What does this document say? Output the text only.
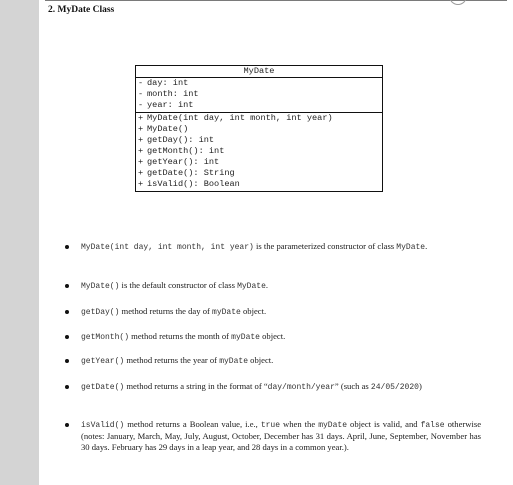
2. MyDate Class
MyDate
- day: int
- month: int
- year: int
+ MyDate(int day, int month, int year)
+ MyDate()
+ getDay(): int
+ getMonth(): int
+ getYear(): int
+ getDate(): String
+ isValid(): Boolean
MyDate(int day, int month, int year) is the parameterized constructor of class MyDate.
MyDate() is the default constructor of class MyDate.
getDay() method returns the day of myDate object.
getMonth() method returns the month of myDate object.
getYear() method returns the year of myDate object.
getDate() method returns a string in the format of “day/month/year” (such as 24/05/2020)
isValid() method returns a Boolean value, i.e., true when the myDate object is valid, and false otherwise (notes: January, March, May, July, August, October, December has 31 days. April, June, September, November has 30 days. February has 29 days in a leap year, and 28 days in a common year.).
